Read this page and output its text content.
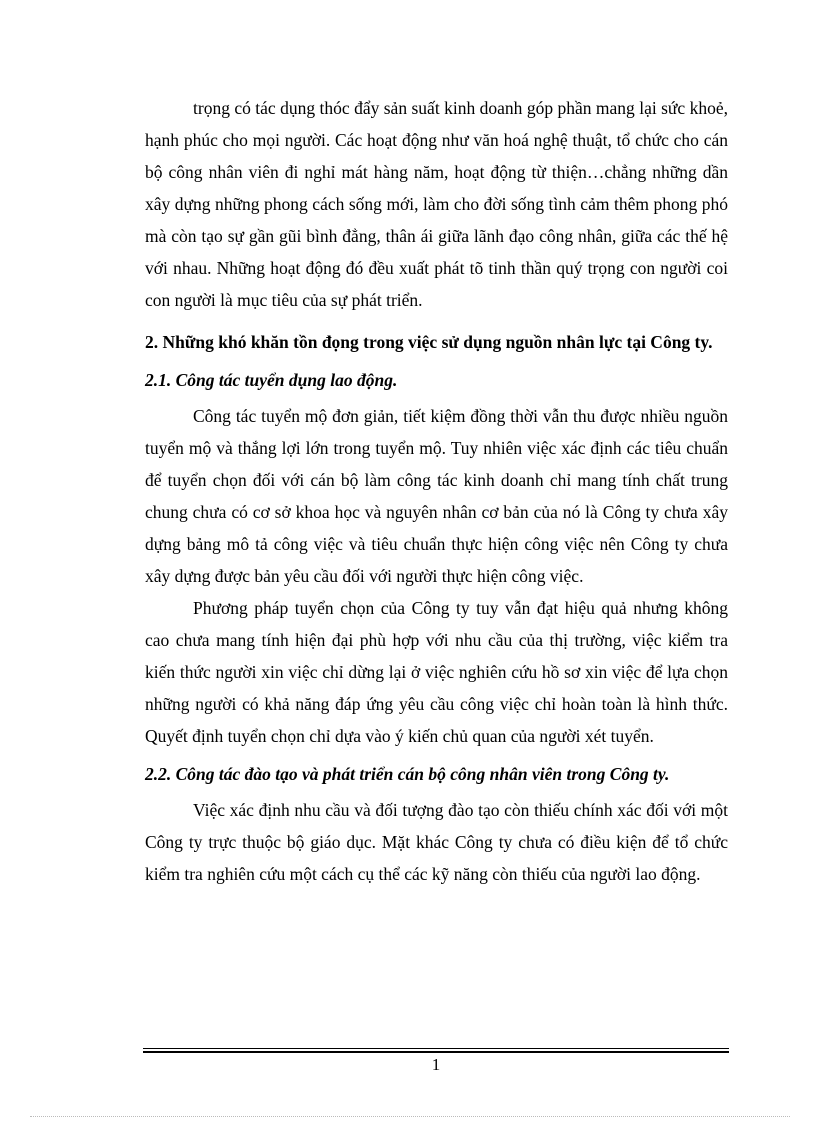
trọng có tác dụng thóc đẩy sản suất kinh doanh góp phần mang lại sức khoẻ, hạnh phúc cho mọi người. Các hoạt động như văn hoá nghệ thuật, tổ chức cho cán bộ công nhân viên đi nghỉ mát hàng năm, hoạt động từ thiện…chẳng những dần xây dựng những phong cách sống mới, làm cho đời sống tình cảm thêm phong phó mà còn tạo sự gần gũi bình đẳng, thân ái giữa lãnh đạo công nhân, giữa các thế hệ với nhau. Những hoạt động đó đều xuất phát tõ tinh thần quý trọng con người coi con người là mục tiêu của sự phát triển.

2. Những khó khăn tồn đọng trong việc sử dụng nguồn nhân lực tại Công ty.
2.1. Công tác tuyển dụng lao động.

Công tác tuyển mộ đơn giản, tiết kiệm đồng thời vẫn thu được nhiều nguồn tuyển mộ và thắng lợi lớn trong tuyển mộ. Tuy nhiên việc xác định các tiêu chuẩn để tuyển chọn đối với cán bộ làm công tác kinh doanh chỉ mang tính chất trung chung chưa có cơ sở khoa học và nguyên nhân cơ bản của nó là Công ty chưa xây dựng bảng mô tả công việc và tiêu chuẩn thực hiện công việc nên Công ty chưa xây dựng được bản yêu cầu đối với người thực hiện công việc.

Phương pháp tuyển chọn của Công ty tuy vẫn đạt hiệu quả nhưng không cao chưa mang tính hiện đại phù hợp với nhu cầu của thị trường, việc kiểm tra kiến thức người xin việc chỉ dừng lại ở việc nghiên cứu hồ sơ xin việc để lựa chọn những người có khả năng đáp ứng yêu cầu công việc chỉ hoàn toàn là hình thức. Quyết định tuyển chọn chỉ dựa vào ý kiến chủ quan của người xét tuyển.

2.2. Công tác đào tạo và phát triển cán bộ công nhân viên trong Công ty.

Việc xác định nhu cầu và đối tượng đào tạo còn thiếu chính xác đối với một Công ty trực thuộc bộ giáo dục. Mặt khác Công ty chưa có điều kiện để tổ chức kiểm tra nghiên cứu một cách cụ thể các kỹ năng còn thiếu của người lao động.

1
